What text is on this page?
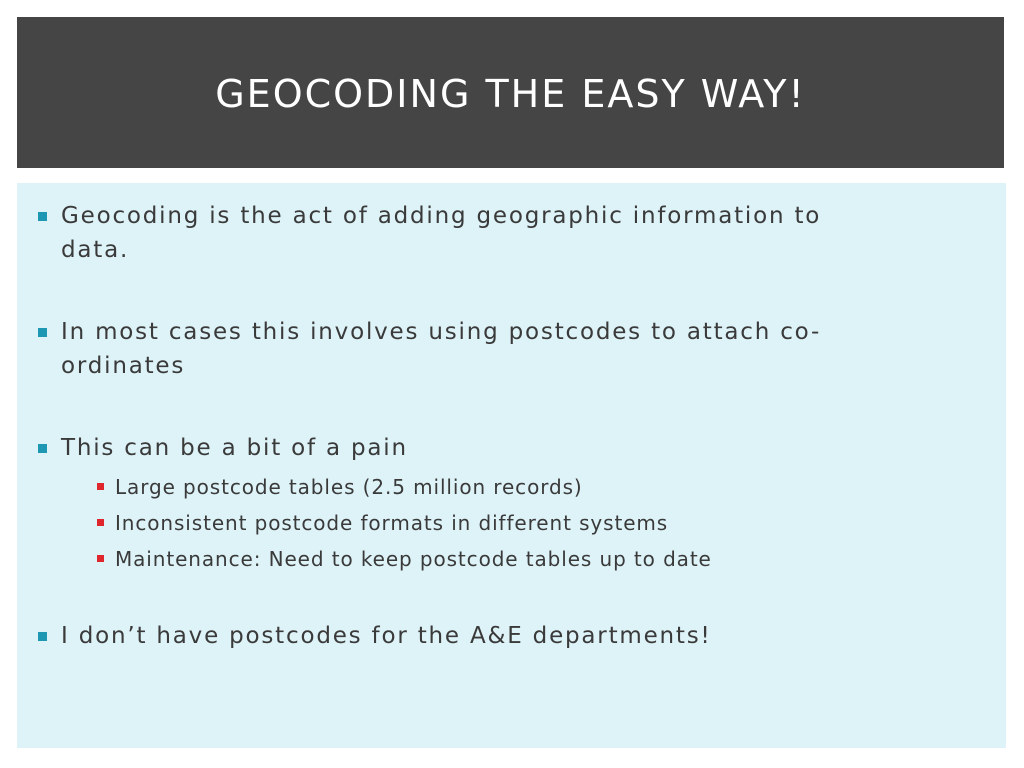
GEOCODING THE EASY WAY!
Geocoding is the act of adding geographic information to data.
In most cases this involves using postcodes to attach co-ordinates
This can be a bit of a pain
Large postcode tables (2.5 million records)
Inconsistent postcode formats in different systems
Maintenance: Need to keep postcode tables up to date
I don’t have postcodes for the A&E departments!
